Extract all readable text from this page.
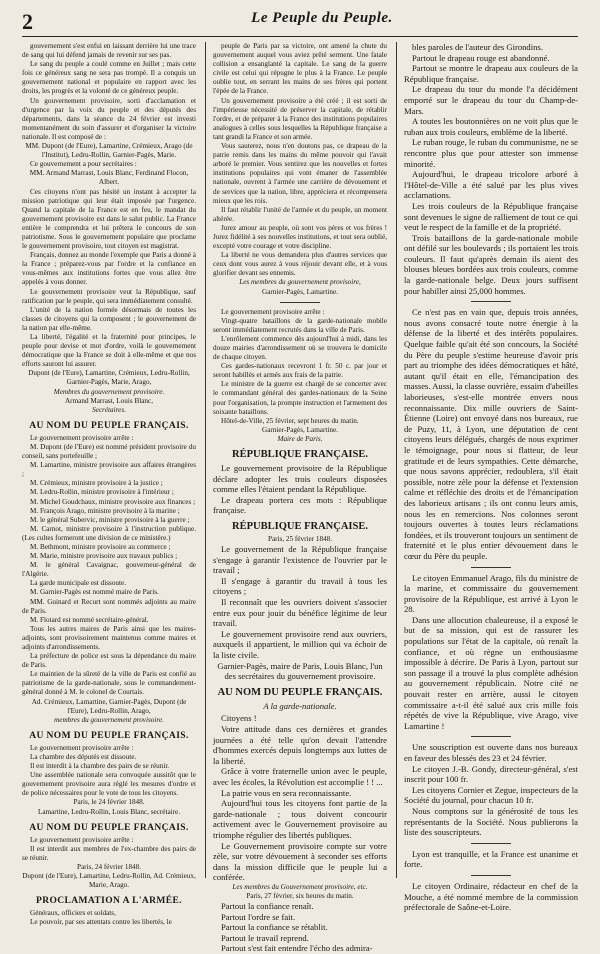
2	Le Peuple du Peuple.

gouvernement s'est enfui en laissant derrière lui une trace de sang qui lui défend jamais de revenir sur ses pas.

Le sang du peuple a coulé comme en Juillet ; mais cette fois ce généreux sang ne sera pas trompé. Il a conquis un gouvernement national et populaire en rapport avec les droits, les progrès et la volonté de ce généreux peuple.

Un gouvernement provisoire, sorti d'acclamation et d'urgence par la voix du peuple et des députés des départements, dans la séance du 24 février est investi momentanément du soin d'assurer et d'organiser la victoire nationale. Il est composé de :

MM. Dupont (de l'Eure), Lamartine, Crémieux, Arago (de l'Institut), Ledru-Rollin, Garnier-Pagès, Marie.

Ce gouvernement a pour secrétaires :

MM. Armand Marrast, Louis Blanc, Ferdinand Flocon, Albert.

Ces citoyens n'ont pas hésité un instant à accepter la mission patriotique qui leur était imposée par l'urgence. Quand la capitale de la France est en feu, le mandat du gouvernement provisoire est dans le salut public. La France entière le comprendra et lui prêtera le concours de son patriotisme. Sous le gouvernement populaire que proclame le gouvernement provisoire, tout citoyen est magistrat.

Français, donnez au monde l'exemple que Paris a donné à la France ; préparez-vous par l'ordre et la confiance en vous-mêmes aux institutions fortes que vous allez être appelés à vous donner.

Le gouvernement provisoire veut la République, sauf ratification par le peuple, qui sera immédiatement consulté.

L'unité de la nation formée désormais de toutes les classes de citoyens qui la composent ; le gouvernement de la nation par elle-même.

La liberté, l'égalité et la fraternité pour principes, le peuple pour devise et mot d'ordre, voilà le gouvernement démocratique que la France se doit à elle-même et que nos efforts sauront lui assurer.

Dupont (de l'Eure), Lamartine, Crémieux, Ledru-Rollin, Garnier-Pagès, Marie, Arago,

Membres du gouvernement provisoire.

Armand Marrast, Louis Blanc,

Secrétaires.

AU NOM DU PEUPLE FRANÇAIS.

Le gouvernement provisoire arrête :

M. Dupont (de l'Eure) est nommé président provisoire du conseil, sans portefeuille ;

M. Lamartine, ministre provisoire aux affaires étrangères ;

M. Crémieux, ministre provisoire à la justice ;

M. Ledru-Rollin, ministre provisoire à l'intérieur ;

M. Michel Goudchaux, ministre provisoire aux finances ;

M. François Arago, ministre provisoire à la marine ;

M. le général Subervic, ministre provisoire à la guerre ;

M. Carnot, ministre provisoire à l'instruction publique. (Les cultes formeront une division de ce ministère.)

M. Bethmont, ministre provisoire au commerce ;

M. Marie, ministre provisoire aux travaux publics ;

M. le général Cavaignac, gouverneur-général de l'Algérie.

La garde municipale est dissoute.

M. Garnier-Pagès est nommé maire de Paris.

MM. Guinard et Recurt sont nommés adjoints au maire de Paris.

M. Flotard est nommé secrétaire-général.

Tous les autres maires de Paris ainsi que les maires-adjoints, sont provisoirement maintenus comme maires et adjoints d'arrondissements.

La préfecture de police est sous la dépendance du maire de Paris.

Le maintien de la sûreté de la ville de Paris est confié au patriotisme de la garde-nationale, sous le commandement-général donné à M. le colonel de Courtais.

Ad. Crémieux, Lamartine, Garnier-Pagès, Dupont (de l'Eure), Ledru-Rollin, Arago,

membres du gouvernement provisoire.

AU NOM DU PEUPLE FRANÇAIS.

Le gouvernement provisoire arrête :

La chambre des députés est dissoute.

Il est interdit à la chambre des pairs de se réunir.

Une assemblée nationale sera convoquée aussitôt que le gouvernement provisoire aura réglé les mesures d'ordre et de police nécessaires pour le vote de tous les citoyens.

Paris, le 24 février 1848.

Lamartine, Ledru-Rollin, Louis Blanc, secrétaire.

AU NOM DU PEUPLE FRANÇAIS.

Le gouvernement provisoire arrête :

Il est interdit aux membres de l'ex-chambre des pairs de se réunir.

Paris, 24 février 1848.

Dupont (de l'Eure), Lamartine, Ledru-Rollin, Ad. Crémieux, Marie, Arago.

PROCLAMATION A L'ARMÉE.

Généraux, officiers et soldats,

Le pouvoir, par ses attentats contre les libertés, le

peuple de Paris par sa victoire, ont amené la chute du gouvernement auquel vous aviez prêté serment. Une fatale collision a ensanglanté la capitale. Le sang de la guerre civile est celui qui répugne le plus à la France. Le peuple oublie tout, en serrant les mains de ses frères qui portent l'épée de la France.

Un gouvernement provisoire a été créé ; il est sorti de l'impérieuse nécessité de préserver la capitale, de rétablir l'ordre, et de préparer à la France des institutions populaires analogues à celles sous lesquelles la République française a tant grandi la France et son armée.

Vous sauterez, nous n'en doutons pas, ce drapeau de la patrie remis dans les mains du même pouvoir qui l'avait arboré le premier. Vous sentirez que les nouvelles et fortes institutions populaires qui vont émaner de l'assemblée nationale, ouvrent à l'armée une carrière de dévouement et de services que la nation, libre, appréciera et récompensera mieux que les rois.

Il faut rétablir l'unité de l'armée et du peuple, un moment altérée.

Jurez amour au peuple, où sont vos pères et vos frères ! Jurez fidélité à ses nouvelles institutions, et tout sera oublié, excepté votre courage et votre discipline.

La liberté ne vous demandera plus d'autres services que ceux dont vous aurez à vous réjouir devant elle, et à vous glorifier devant ses ennemis.

Les membres du gouvernement provisoire,

Garnier-Pagès, Lamartine.

Le gouvernement provisoire arrête :

Vingt-quatre bataillons de la garde-nationale mobile seront immédiatement recrutés dans la ville de Paris.

L'enrôlement commence dès aujourd'hui à midi, dans les douze mairies d'arrondissement où se trouvera le domicile de chaque citoyen.

Ces gardes-nationaux recevront 1 fr. 50 c. par jour et seront habillés et armés aux frais de la patrie.

Le ministre de la guerre est chargé de se concerter avec le commandant général des gardes-nationaux de la Seine pour l'organisation, la prompte instruction et l'armement des soixante bataillons.

Hôtel-de-Ville, 25 février, sept heures du matin.

Garnier-Pagès, Lamartine.

Maire de Paris.

RÉPUBLIQUE FRANÇAISE.

Le gouvernement provisoire de la République déclare adopter les trois couleurs disposées comme elles l'étaient pendant la République.

Le drapeau portera ces mots : République française.

RÉPUBLIQUE FRANÇAISE.

Paris, 25 février 1848.

Le gouvernement de la République française s'engage à garantir l'existence de l'ouvrier par le travail ;

Il s'engage à garantir du travail à tous les citoyens ;

Il reconnaît que les ouvriers doivent s'associer entre eux pour jouir du bénéfice légitime de leur travail.

Le gouvernement provisoire rend aux ouvriers, auxquels il appartient, le million qui va échoir de la liste civile.

Garnier-Pagès, maire de Paris, Louis Blanc, l'un des secrétaires du gouvernement provisoire.

AU NOM DU PEUPLE FRANÇAIS.

A la garde-nationale.

Citoyens !

Votre attitude dans ces dernières et grandes journées a été telle qu'on devait l'attendre d'hommes exercés depuis longtemps aux luttes de la liberté.

Grâce à votre fraternelle union avec le peuple, avec les écoles, la Révolution est accomplie ! ! ...

La patrie vous en sera reconnaissante.

Aujourd'hui tous les citoyens font partie de la garde-nationale ; tous doivent concourir activement avec le Gouvernement provisoire au triomphe régulier des libertés publiques.

Le Gouvernement provisoire compte sur votre zèle, sur votre dévouement à seconder ses efforts dans la mission difficile que le peuple lui a conférée.

Les membres du Gouvernement provisoire, etc.

Paris, 27 février, six heures du matin.

Partout la confiance renaît.

Partout l'ordre se fait.

Partout la confiance se rétablit.

Partout le travail reprend.

Partout s'est fait entendre l'écho des admira-

bles paroles de l'auteur des Girondins.

Partout le drapeau rouge est abandonné.

Partout se montre le drapeau aux couleurs de la République française.

Le drapeau du tour du monde l'a décidément emporté sur le drapeau du tour du Champ-de-Mars.

A toutes les boutonnières on ne voit plus que le ruban aux trois couleurs, emblème de la liberté.

Le ruban rouge, le ruban du communisme, ne se rencontre plus que pour attester son immense minorité.

Aujourd'hui, le drapeau tricolore arboré à l'Hôtel-de-Ville a été salué par les plus vives acclamations.

Les trois couleurs de la République française sont devenues le signe de ralliement de tout ce qui veut le respect de la famille et de la propriété.

Trois bataillons de la garde-nationale mobile ont défilé sur les boulevards ; ils portaient les trois couleurs. Il faut qu'après demain ils aient des blouses bleues bordées aux trois couleurs, comme la garde-nationale belge. Deux jours suffisent pour habiller ainsi 25,000 hommes.

Ce n'est pas en vain que, depuis trois années, nous avons consacré toute notre énergie à la défense de la liberté et des intérêts populaires. Quelque faible qu'ait été son concours, la Société du Père du peuple s'estime heureuse d'avoir pris part au triomphe des idées démocratiques et hâté, autant qu'il était en elle, l'émancipation des masses. Aussi, la classe ouvrière, essaim d'abeilles laborieuses, s'est-elle montrée envers nous reconnaissante. Dix mille ouvriers de Saint-Étienne (Loire) ont envoyé dans nos bureaux, rue de Puzy, 11, à Lyon, une députation de cent citoyens leurs délégués, chargés de nous exprimer le témoignage, pour nous si flatteur, de leur gratitude et de leurs sympathies. Cette démarche, que nous savons apprécier, redoublera, s'il était possible, notre zèle pour la défense et l'extension calme et réfléchie des droits et de l'émancipation des laborieux artisans ; ils ont connu leurs amis, nous les en remercions. Nos colonnes seront toujours ouvertes à toutes leurs réclamations fondées, et ils trouveront toujours un sentiment de fraternité et le plus entier dévouement dans le cœur du Père du peuple.

Le citoyen Emmanuel Arago, fils du ministre de la marine, et commissaire du gouvernement provisoire de la République, est arrivé à Lyon le 28.

Dans une allocution chaleureuse, il a exposé le but de sa mission, qui est de rassurer les populations sur l'état de la capitale, où renaît la confiance, et où règne un enthousiasme impossible à décrire. De Paris à Lyon, partout sur son passage il a trouvé la plus complète adhésion au gouvernement républicain. Notre cité ne pouvait rester en arrière, aussi le citoyen commissaire a-t-il été salué aux cris mille fois répétés de vive la République, vive Arago, vive Lamartine !

Une souscription est ouverte dans nos bureaux en faveur des blessés des 23 et 24 février.

Le citoyen J.-B. Gondy, directeur-général, s'est inscrit pour 100 fr.

Les citoyens Cornier et Zegue, inspecteurs de la Société du journal, pour chacun 10 fr.

Nous comptons sur la générosité de tous les représentants de la Société. Nous publierons la liste des souscripteurs.

Lyon est tranquille, et la France est unanime et forte.

Le citoyen Ordinaire, rédacteur en chef de la Mouche, a été nommé membre de la commission préfectorale de Saône-et-Loire.
